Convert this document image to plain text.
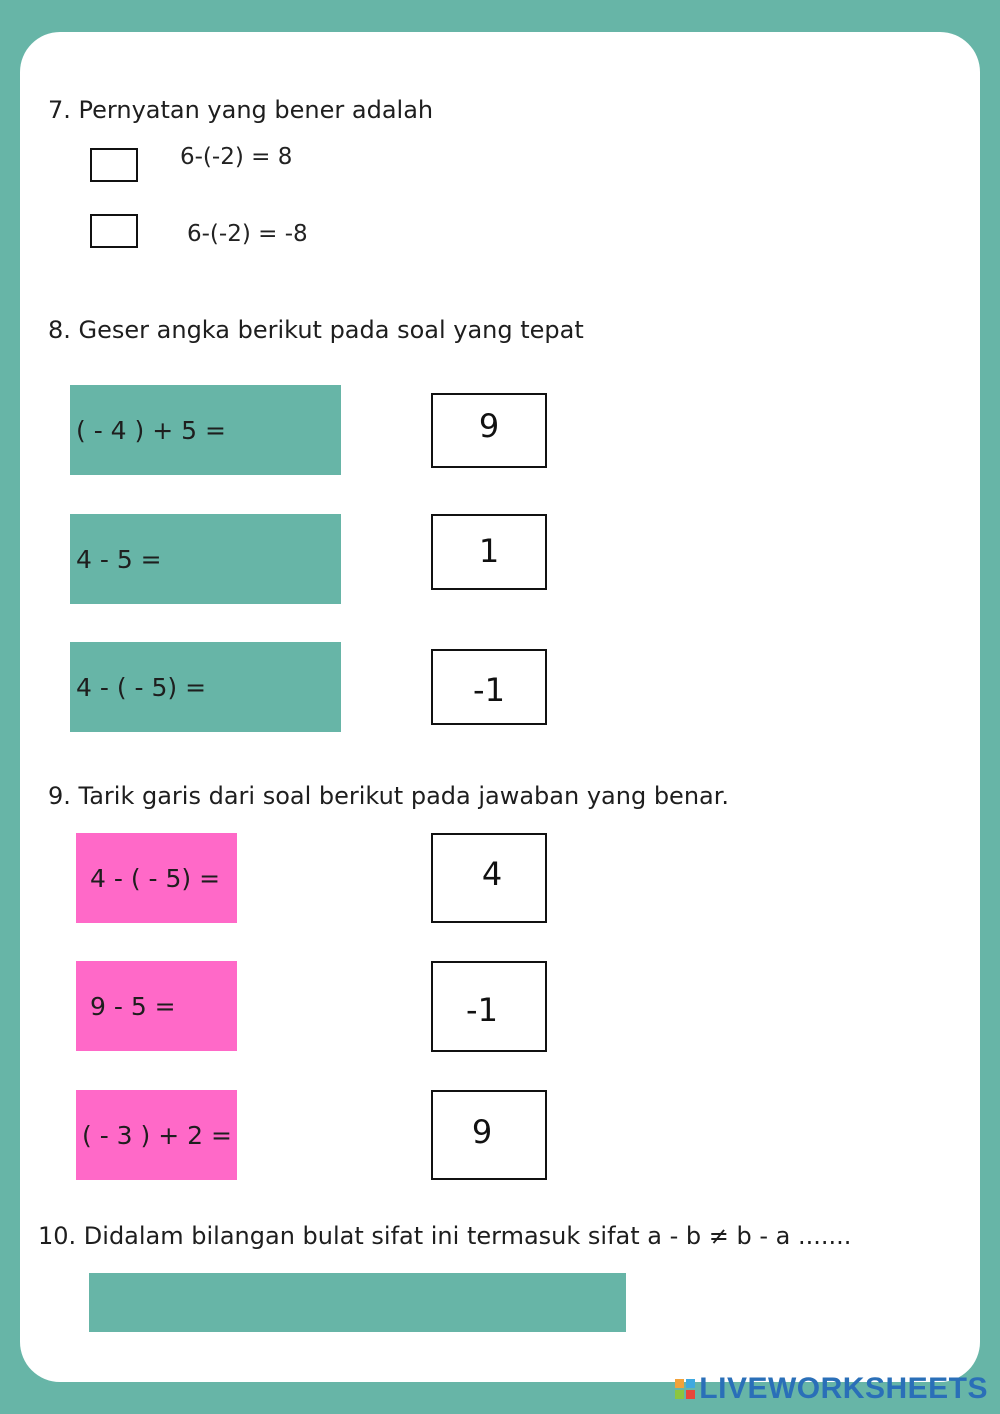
7. Pernyatan yang bener adalah
6-(-2) = 8
6-(-2) = -8
8. Geser angka berikut pada soal yang tepat
( - 4 ) + 5 =
4 - 5 =
4 - ( - 5) =
9
1
-1
9. Tarik garis dari soal berikut pada jawaban yang benar.
4 - ( - 5) =
9 - 5 =
( - 3 ) + 2 =
4
-1
9
10. Didalam bilangan bulat sifat ini termasuk sifat a - b ≠ b - a .......
LIVEWORKSHEETS
